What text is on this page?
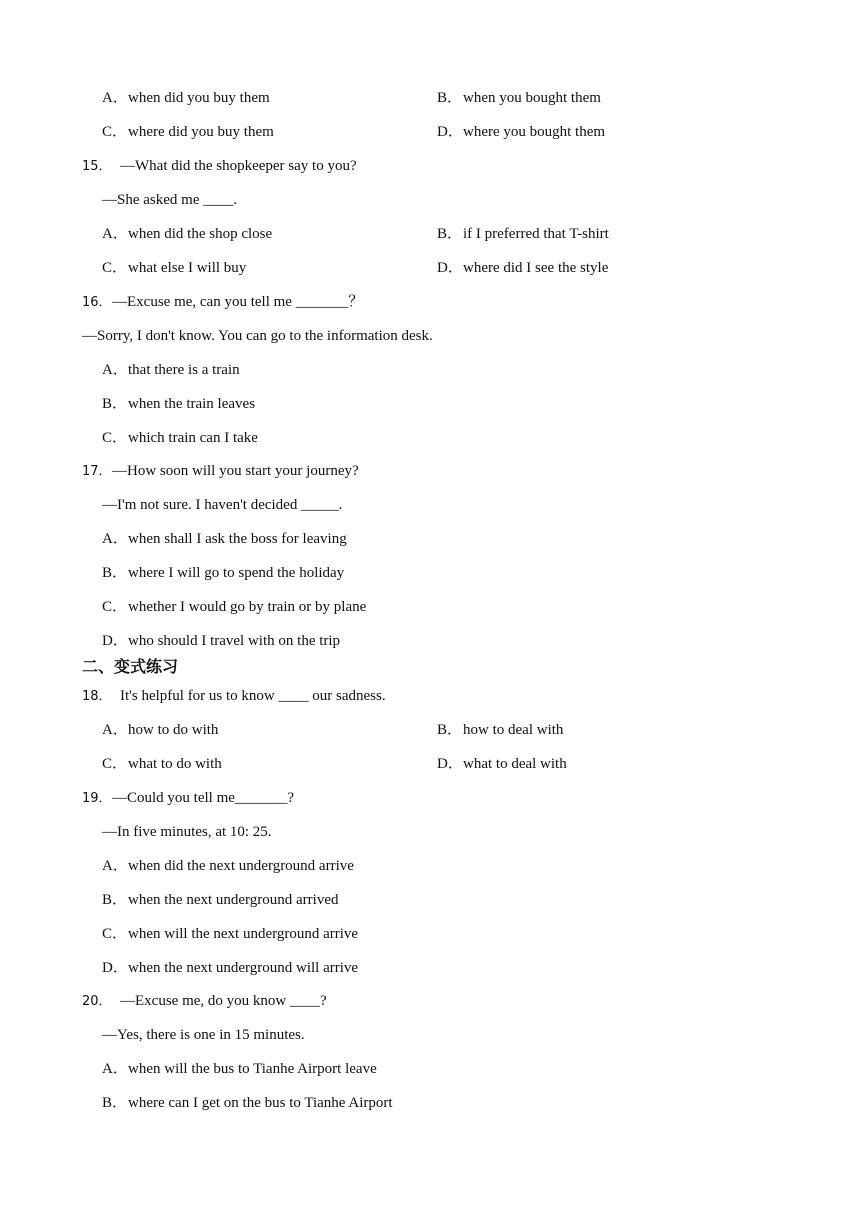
A．when did you buy them	B．when you bought them
C．where did you buy them	D．where you bought them
15． —What did the shopkeeper say to you?
—She asked me ____.
A．when did the shop close	B．if I preferred that T-shirt
C．what else I will buy	D．where did I see the style
16．—Excuse me, can you tell me _______？
—Sorry, I don't know. You can go to the information desk.
A．that there is a train
B．when the train leaves
C．which train can I take
17．—How soon will you start your journey?
—I'm not sure. I haven't decided _____.
A．when shall I ask the boss for leaving
B．where I will go to spend the holiday
C．whether I would go by train or by plane
D．who should I travel with on the trip
二、变式练习
18． It's helpful for us to know ____ our sadness.
A．how to do with	B．how to deal with
C．what to do with	D．what to deal with
19．—Could you tell me_______?
—In five minutes, at 10: 25.
A．when did the next underground arrive
B．when the next underground arrived
C．when will the next underground arrive
D．when the next underground will arrive
20． —Excuse me, do you know ____?
—Yes, there is one in 15 minutes.
A．when will the bus to Tianhe Airport leave
B．where can I get on the bus to Tianhe Airport
